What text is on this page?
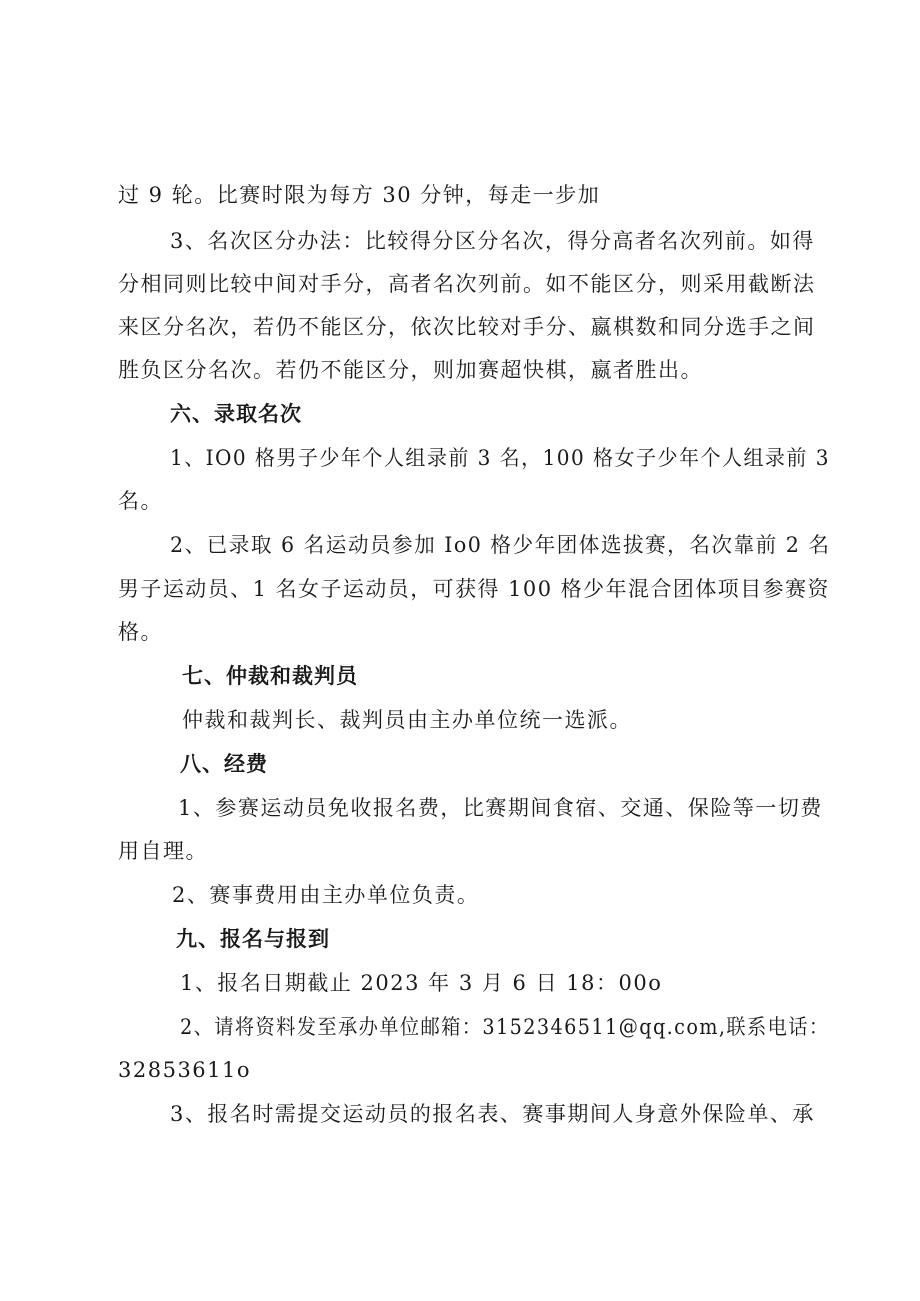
过 9 轮。比赛时限为每方 30 分钟，每走一步加
3、名次区分办法：比较得分区分名次，得分高者名次列前。如得
分相同则比较中间对手分，高者名次列前。如不能区分，则采用截断法
来区分名次，若仍不能区分，依次比较对手分、嬴棋数和同分选手之间
胜负区分名次。若仍不能区分，则加赛超快棋，嬴者胜出。
六、录取名次
1、IO0 格男子少年个人组录前 3 名，100 格女子少年个人组录前 3
名。
2、已录取 6 名运动员参加 Io0 格少年团体选拔赛，名次靠前 2 名
男子运动员、1 名女子运动员，可获得 100 格少年混合团体项目参赛资
格。
七、仲裁和裁判员
仲裁和裁判长、裁判员由主办单位统一选派。
八、经费
1、参赛运动员免收报名费，比赛期间食宿、交通、保险等一切费
用自理。
2、赛事费用由主办单位负责。
九、报名与报到
1、报名日期截止 2023 年 3 月 6 日 18：00o
2、请将资料发至承办单位邮箱：3152346511@qq.com,联系电话：
32853611o
3、报名时需提交运动员的报名表、赛事期间人身意外保险单、承
